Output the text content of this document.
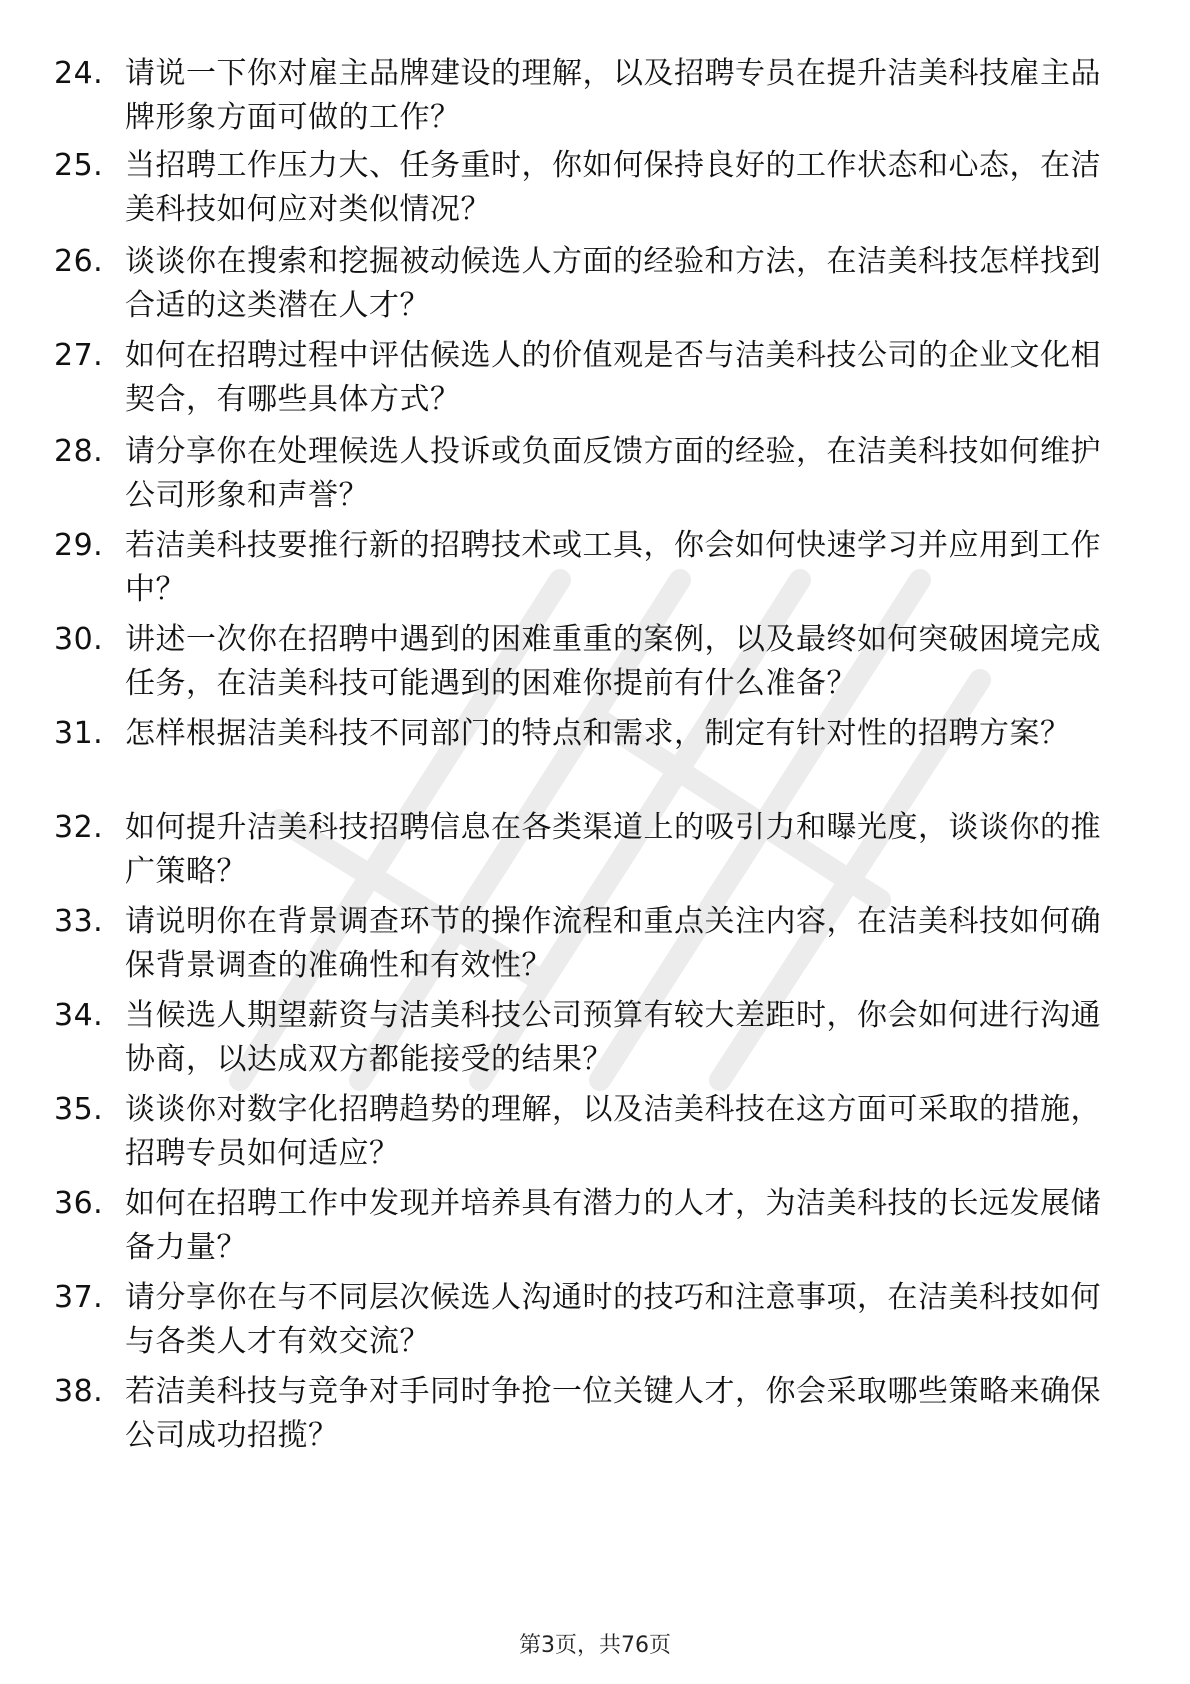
24. 请说一下你对雇主品牌建设的理解，以及招聘专员在提升洁美科技雇主品牌形象方面可做的工作？
25. 当招聘工作压力大、任务重时，你如何保持良好的工作状态和心态，在洁美科技如何应对类似情况？
26. 谈谈你在搜索和挖掘被动候选人方面的经验和方法，在洁美科技怎样找到合适的这类潜在人才？
27. 如何在招聘过程中评估候选人的价值观是否与洁美科技公司的企业文化相契合，有哪些具体方式？
28. 请分享你在处理候选人投诉或负面反馈方面的经验，在洁美科技如何维护公司形象和声誉？
29. 若洁美科技要推行新的招聘技术或工具，你会如何快速学习并应用到工作中？
30. 讲述一次你在招聘中遇到的困难重重的案例，以及最终如何突破困境完成任务，在洁美科技可能遇到的困难你提前有什么准备？
31. 怎样根据洁美科技不同部门的特点和需求，制定有针对性的招聘方案？
32. 如何提升洁美科技招聘信息在各类渠道上的吸引力和曝光度，谈谈你的推广策略？
33. 请说明你在背景调查环节的操作流程和重点关注内容，在洁美科技如何确保背景调查的准确性和有效性？
34. 当候选人期望薪资与洁美科技公司预算有较大差距时，你会如何进行沟通协商，以达成双方都能接受的结果？
35. 谈谈你对数字化招聘趋势的理解，以及洁美科技在这方面可采取的措施，招聘专员如何适应？
36. 如何在招聘工作中发现并培养具有潜力的人才，为洁美科技的长远发展储备力量？
37. 请分享你在与不同层次候选人沟通时的技巧和注意事项，在洁美科技如何与各类人才有效交流？
38. 若洁美科技与竞争对手同时争抢一位关键人才，你会采取哪些策略来确保公司成功招揽？
第3页，共76页
